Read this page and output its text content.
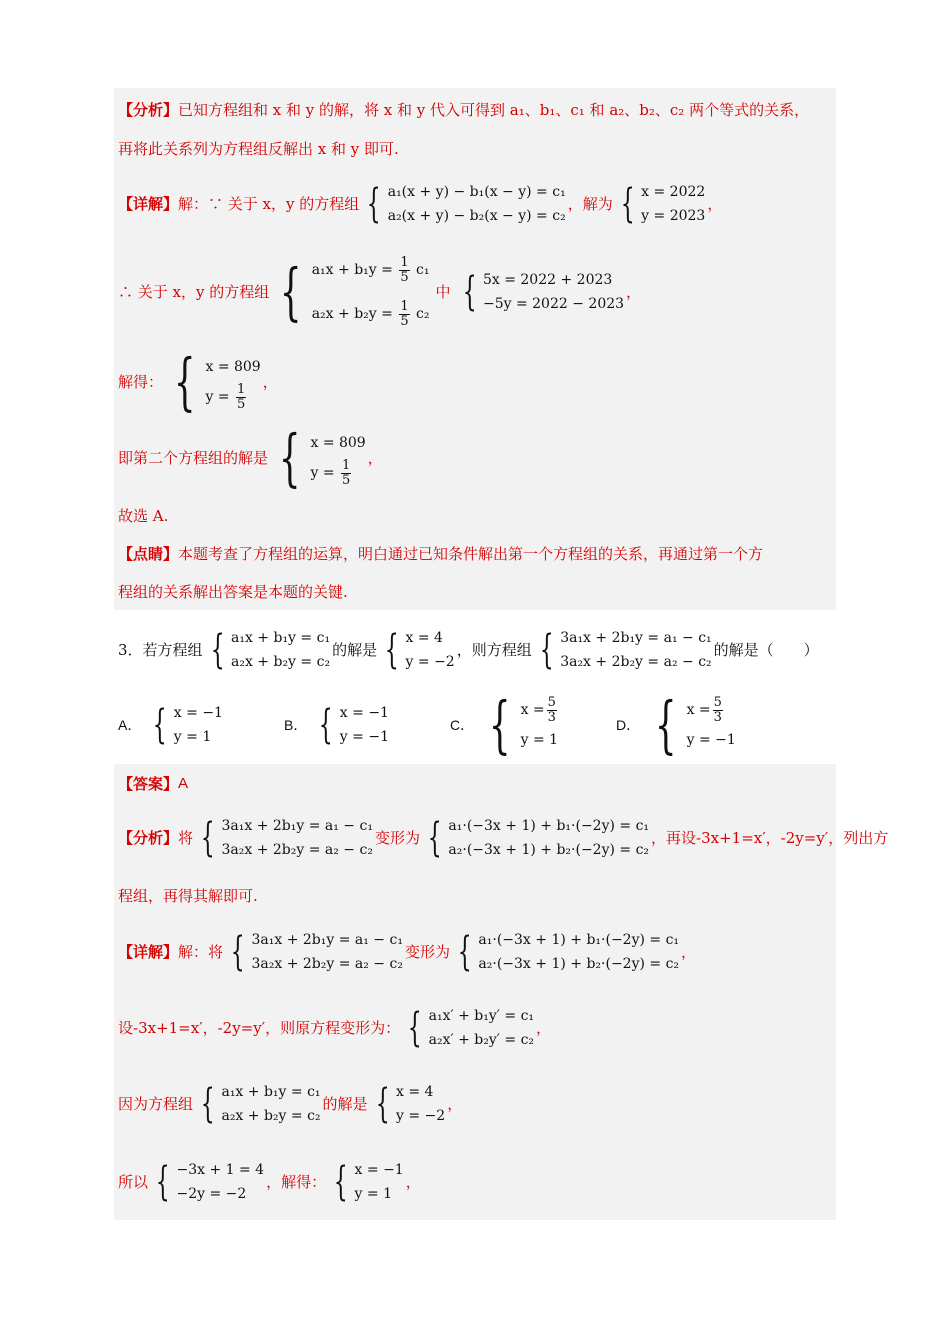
【分析】 已知方程组和 x 和 y 的解，将 x 和 y 代入可得到 a₁、b₁、c₁ 和 a₂、b₂、c₂ 两个等式的关系，
再将此关系列为方程组反解出 x 和 y 即可.
【详解】 解：∵ 关于 x，y 的方程组 { a₁(x + y) − b₁(x − y) = c₁
a₂(x + y) − b₂(x − y) = c₂
，解为 { x = 2022
y = 2023
，
∴ 关于 x，y 的方程组 { $a_1x + b_1y = \frac{1}{5} c_1$
$a_2x + b_2y = \frac{1}{5} c_2$
中 { 5x = 2022 + 2023
−5y = 2022 − 2023
，
解得： { x = 809
$y = \frac{1}{5}$
，
即第二个方程组的解是 { x = 809
$y = \frac{1}{5}$
，
故选 A.
【点睛】 本题考查了方程组的运算，明白通过已知条件解出第一个方程组的关系，再通过第一个方
程组的关系解出答案是本题的关键.
3．若方程组 { a₁x + b₁y = c₁
a₂x + b₂y = c₂
的解是 { x = 4
y = −2
，则方程组 { 3a₁x + 2b₁y = a₁ − c₁
3a₂x + 2b₂y = a₂ − c₂
的解是（　　）
A． { x = −1
y = 1
B． { x = −1
y = −1
C． { $x = \frac{5}{3}$
y = 1
D． { $x = \frac{5}{3}$
y = −1
【答案】 A
【分析】 将 { 3a₁x + 2b₁y = a₁ − c₁
3a₂x + 2b₂y = a₂ − c₂
变形为 { a₁·(−3x + 1) + b₁·(−2y) = c₁
a₂·(−3x + 1) + b₂·(−2y) = c₂
，再设-3x+1=x′，-2y=y′，列出方
程组，再得其解即可.
【详解】 解：将 { 3a₁x + 2b₁y = a₁ − c₁
3a₂x + 2b₂y = a₂ − c₂
变形为 { a₁·(−3x + 1) + b₁·(−2y) = c₁
a₂·(−3x + 1) + b₂·(−2y) = c₂
，
设-3x+1=x′，-2y=y′，则原方程变形为： { a₁x′ + b₁y′ = c₁
a₂x′ + b₂y′ = c₂
，
因为方程组 { a₁x + b₁y = c₁
a₂x + b₂y = c₂
的解是 { x = 4
y = −2
，
所以 { −3x + 1 = 4
−2y = −2
，解得： { x = −1
y = 1
，
